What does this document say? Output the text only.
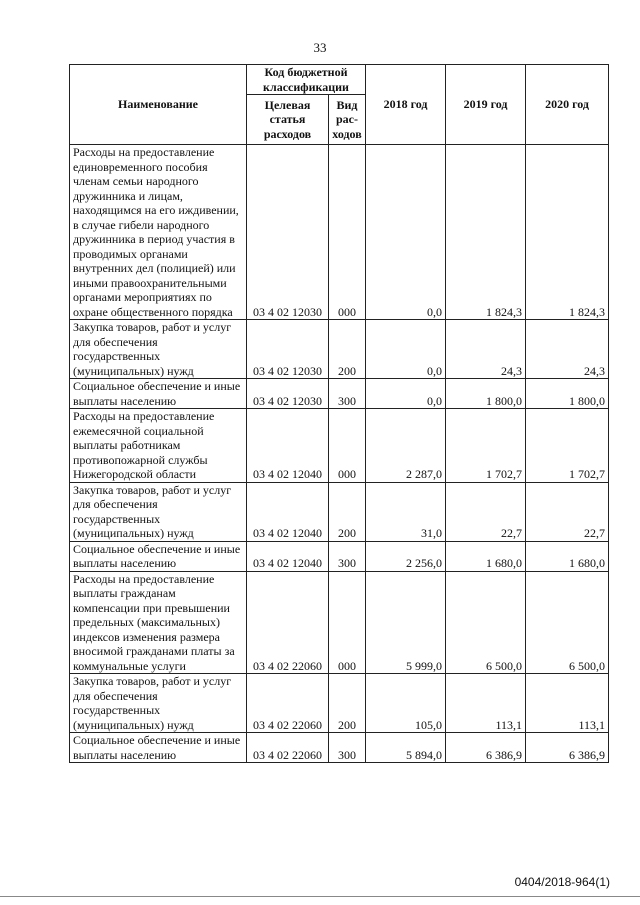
33
Наименование	Код бюджетной классификации		2018 год	2019 год	2020 год
	Целевая статья расходов	Вид рас-ходов			
Расходы на предоставление единовременного пособия членам семьи народного дружинника и лицам, находящимся на его иждивении, в случае гибели народного дружинника в период участия в проводимых органами внутренних дел (полицией) или иными правоохранительными органами мероприятиях по охране общественного порядка	03 4 02 12030	000	0,0	1 824,3	1 824,3
Закупка товаров, работ и услуг для обеспечения государственных (муниципальных) нужд	03 4 02 12030	200	0,0	24,3	24,3
Социальное обеспечение и иные выплаты населению	03 4 02 12030	300	0,0	1 800,0	1 800,0
Расходы на предоставление ежемесячной социальной выплаты работникам противопожарной службы Нижегородской области	03 4 02 12040	000	2 287,0	1 702,7	1 702,7
Закупка товаров, работ и услуг для обеспечения государственных (муниципальных) нужд	03 4 02 12040	200	31,0	22,7	22,7
Социальное обеспечение и иные выплаты населению	03 4 02 12040	300	2 256,0	1 680,0	1 680,0
Расходы на предоставление выплаты гражданам компенсации при превышении предельных (максимальных) индексов изменения размера вносимой гражданами платы за коммунальные услуги	03 4 02 22060	000	5 999,0	6 500,0	6 500,0
Закупка товаров, работ и услуг для обеспечения государственных (муниципальных) нужд	03 4 02 22060	200	105,0	113,1	113,1
Социальное обеспечение и иные выплаты населению	03 4 02 22060	300	5 894,0	6 386,9	6 386,9
0404/2018-964(1)
